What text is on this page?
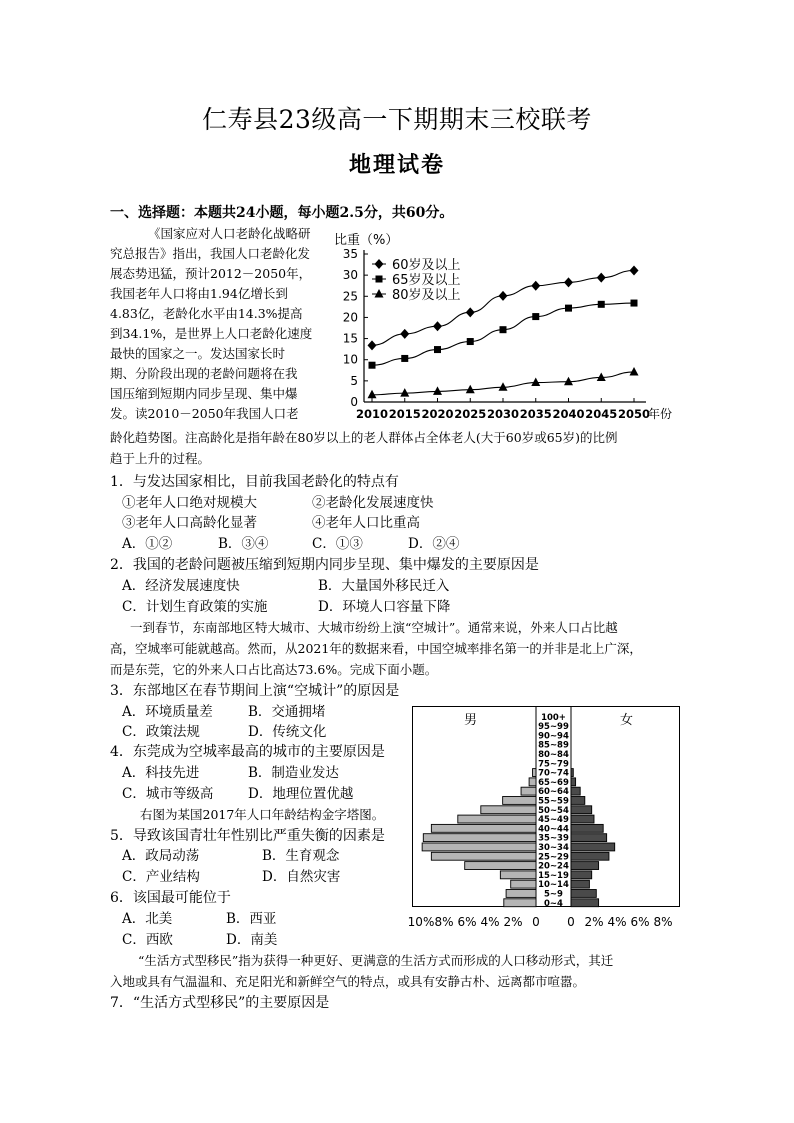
仁寿县23级高一下期期末三校联考
地理试卷
一、选择题：本题共24小题，每小题2.5分，共60分。
《国家应对人口老龄化战略研
究总报告》指出，我国人口老龄化发
展态势迅猛，预计2012－2050年，
我国老年人口将由1.94亿增长到
4.83亿，老龄化水平由14.3%提高
到34.1%，是世界上人口老龄化速度
最快的国家之一。发达国家长时
期、分阶段出现的老龄问题将在我
国压缩到短期内同步呈现、集中爆
发。读2010－2050年我国人口老
龄化趋势图。注高龄化是指年龄在80岁以上的老人群体占全体老人(大于60岁或65岁)的比例
趋于上升的过程。
比重（%）
0
5
10
15
20
25
30
35
2010 2015 2020 2025 2030 2035 2040 2045 2050
年份
60岁及以上
65岁及以上
80岁及以上
1．与发达国家相比，目前我国老龄化的特点有
①老年人口绝对规模大	②老龄化发展速度快
③老年人口高龄化显著	④老年人口比重高
A．①②	B．③④	C．①③	D．②④
2．我国的老龄问题被压缩到短期内同步呈现、集中爆发的主要原因是
A．经济发展速度快	B．大量国外移民迁入
C．计划生育政策的实施	D．环境人口容量下降
一到春节，东南部地区特大城市、大城市纷纷上演“空城计”。通常来说，外来人口占比越
高，空城率可能就越高。然而，从2021年的数据来看，中国空城率排名第一的并非是北上广深，
而是东莞，它的外来人口占比高达73.6%。完成下面小题。
3．东部地区在春节期间上演“空城计”的原因是
A．环境质量差	B．交通拥堵
C．政策法规	D．传统文化
4．东莞成为空城率最高的城市的主要原因是
A．科技先进	B．制造业发达
C．城市等级高	D．地理位置优越
右图为某国2017年人口年龄结构金字塔图。
5．导致该国青壮年性别比严重失衡的因素是
A．政局动荡	B．生育观念
C．产业结构	D．自然灾害
6．该国最可能位于
A．北美	B．西亚
C．西欧	D．南美
“生活方式型移民”指为获得一种更好、更满意的生活方式而形成的人口移动形式，其迁
入地或具有气温温和、充足阳光和新鲜空气的特点，或具有安静古朴、远离都市喧嚣。
7．“生活方式型移民”的主要原因是
男	女
100+
95~99
90~94
85~89
80~84
75~79
70~74
65~69
60~64
55~59
50~54
45~49
40~44
35~39
30~34
25~29
20~24
15~19
10~14
5~9
0~4
10% 8% 6% 4% 2% 0 0 2% 4% 6% 8%
